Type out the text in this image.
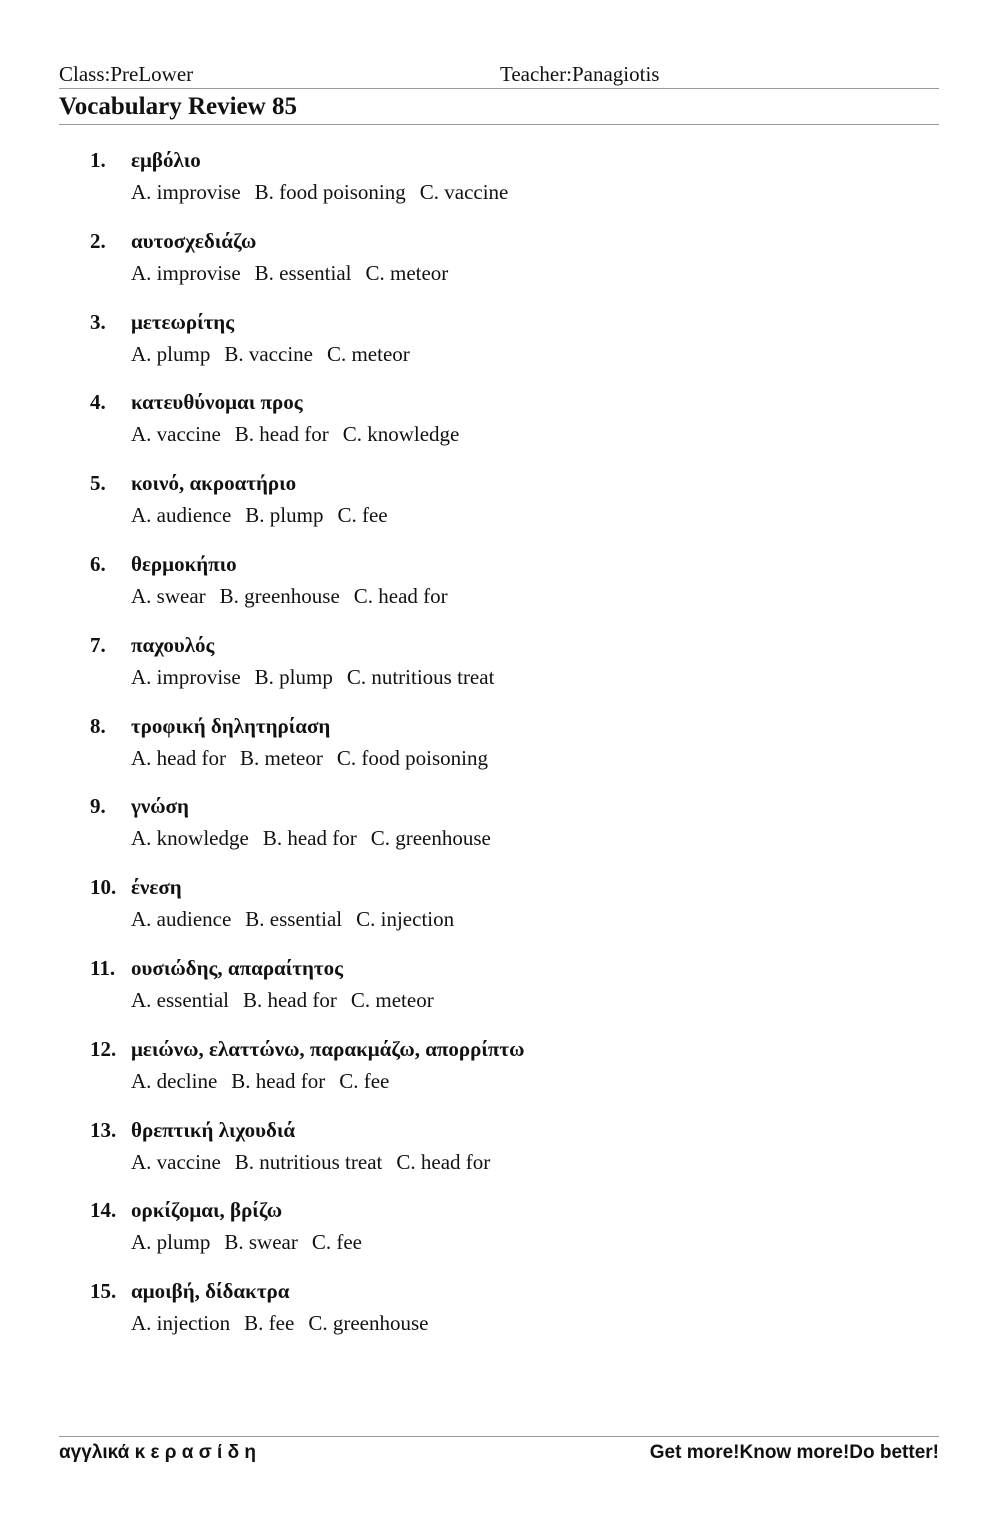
Class:PreLower	Teacher:Panagiotis
Vocabulary Review 85
1. εμβόλιο
A. improvise B. food poisoning C. vaccine
2. αυτοσχεδιάζω
A. improvise B. essential C. meteor
3. μετεωρίτης
A. plump B. vaccine C. meteor
4. κατευθύνομαι προς
A. vaccine B. head for C. knowledge
5. κοινό, ακροατήριο
A. audience B. plump C. fee
6. θερμοκήπιο
A. swear B. greenhouse C. head for
7. παχουλός
A. improvise B. plump C. nutritious treat
8. τροφική δηλητηρίαση
A. head for B. meteor C. food poisoning
9. γνώση
A. knowledge B. head for C. greenhouse
10. ένεση
A. audience B. essential C. injection
11. ουσιώδης, απαραίτητος
A. essential B. head for C. meteor
12. μειώνω, ελαττώνω, παρακμάζω, απορρίπτω
A. decline B. head for C. fee
13. θρεπτική λιχουδιά
A. vaccine B. nutritious treat C. head for
14. ορκίζομαι, βρίζω
A. plump B. swear C. fee
15. αμοιβή, δίδακτρα
A. injection B. fee C. greenhouse
αγγλικά κ ε ρ α σ ί δ η	Get more!Know more!Do better!
